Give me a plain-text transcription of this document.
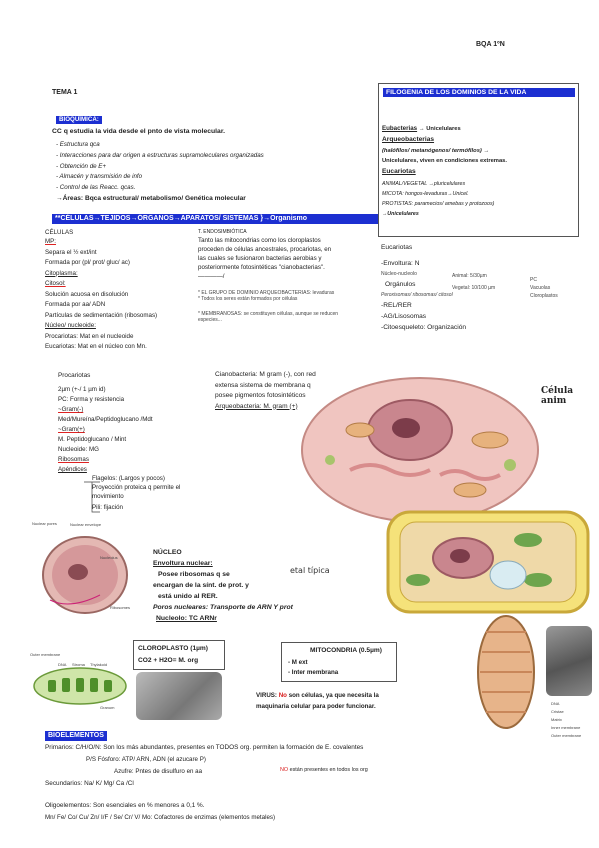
BQA 1ºN
TEMA 1
BIOQUÍMICA:
CC q estudia la vida desde el pnto de vista molecular.
- Estructura qca
- Interacciones para dar origen a estructuras supramoleculares organizadas
- Obtención de E+
- Almacén y transmisión de info
- Control de las Reacc. qcas.
→Áreas: Bqca estructural/ metabolismo/ Genética molecular
**CÉLULAS→TEJIDOS→ÓRGANOS→APARATOS/ SISTEMAS }→Organismo
CÉLULAS
MP:
Separa el ½ ext/int
Formada por (pl/ prot/ gluc/ ac)
Citoplasma:
Citosol:
Solución acuosa en disolución
Formada por aa/ ADN
Partículas de sedimentación (ribosomas)
Núcleo/ nucleoide:
Procariotas: Mat en el nucleoide
Eucariotas: Mat en el núcleo con Mn.
T. ENDOSIMBIÓTICA
Tanto las mitocondrias como los cloroplastos
proceden de células ancestrales, procariotas, en
las cuales se fusionaron bacterias aerobias y
posteriormente fotosintéticas "cianobacterias".
————/
* EL GRUPO DE DOMINIO ARQUEOBACTERIAS: levaduras
* Todos los seres están formados por células
* MEMBRANOSAS: se constituyen células, aunque se reducen
especies...
FILOGENIA DE LOS DOMINIOS DE LA VIDA
Eubacterias → Unicelulares
Arqueobacterias
(halófilos/ metanógenos/ termófilos) →
Unicelulares, viven en condiciones extremas.
Eucariotas
ANIMAL/VEGETAL →pluricelulares
MICOTA: hongos-levaduras→Unicel.
PROTISTAS: paramecios/ amebas y protozoos)
→Unicelulares
Eucariotas
-Envoltura: N
Núcleo-nucleolo
Orgánulos
Peroxisomas/ ribosomas/ citosol
-REL/RER
-AG/Lisosomas
-Citoesqueleto: Organización
Animal: 5/30µm
Vegetal: 10/100 µm
PC
Vacuolas
Cloroplastos
Procariotas
2µm (+-/ 1 µm id)
PC: Forma y resistencia
~Gram(-)
Med/Mureína/Peptidoglucano /Mdt
~Gram(+)
M. Peptidoglucano / Mint
Nucleoide: MG
Ribosomas
Apéndices
Flagelos: (Largos y pocos)
Proyección proteica q permite el
movimiento
Pili: fijación
Cianobacteria: M gram (-), con red
extensa sistema de membrana q
posee pigmentos fotosintéticos
Arqueobacteria: M. gram (+)
Célula anim
etal típica
Nuclear pores	Nuclear envelope
Nucleolus
Ribosomes
NÚCLEO
Envoltura nuclear:
Posee ribosomas q se
encargan de la sínt. de prot. y
está unido al RER.
Poros nucleares: Transporte de ARN Y prot
Nucleolo: TC ARNr
CLOROPLASTO (1µm)
CO2 + H2O= M. org
MITOCONDRIA (0.5µm)
- M ext
- Inter membrana
Outer membrane
DNA Stroma Thylakoid
Granum
DNA
Cristae
Matrix
Inner membrane
Outer membrane
VIRUS: No son células, ya que necesita la
maquinaria celular para poder funcionar.
BIOELEMENTOS
Primarios: C/H/O/N: Son los más abundantes, presentes en TODOS org. permiten la formación de E. covalentes
P/S Fósforo: ATP/ ARN, ADN (el azucare P)
Azufre: Pntes de disulfuro en aa	NO están presentes en todos los org
Secundarios: Na/ K/ Mg/ Ca /Cl
Oligoelementos: Son esenciales en % menores a 0,1 %.
Mn/ Fe/ Co/ Cu/ Zn/ I/F / Se/ Cr/ V/ Mo: Cofactores de enzimas (elementos metales)
